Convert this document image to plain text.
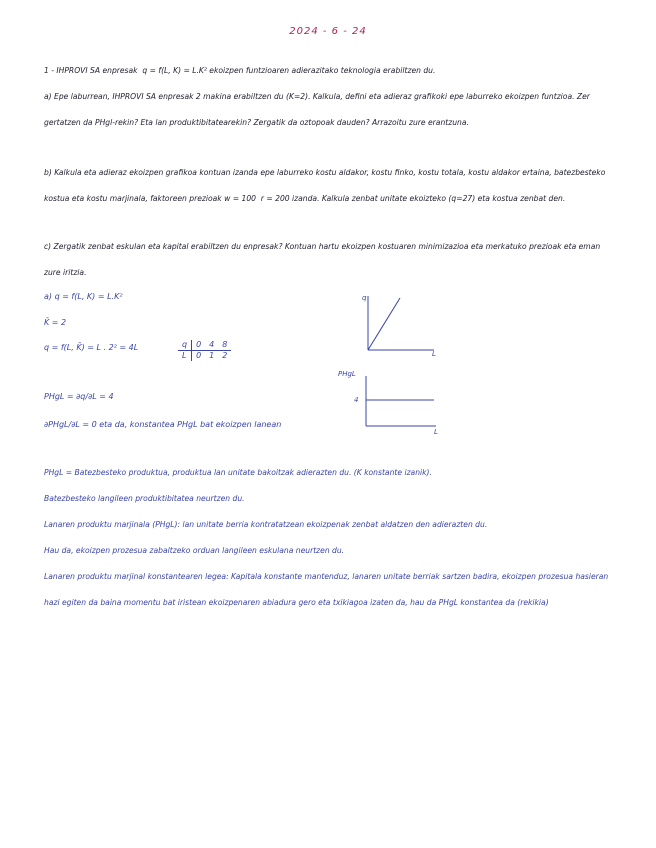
2024 - 6 - 24
1 - IHPROVI SA enpresak  q = f(L, K) = L.K² ekoizpen funtzioaren adierazitako teknologia erabiltzen du.
a) Epe laburrean, IHPROVI SA enpresak 2 makina erabiltzen du (K=2). Kalkula, defini eta adieraz grafikoki epe laburreko ekoizpen funtzioa. Zer gertatzen da PHgl-rekin? Eta lan produktibitatearekin? Zergatik da oztopoak dauden? Arrazoitu zure erantzuna.
b) Kalkula eta adieraz ekoizpen grafikoa kontuan izanda epe laburreko kostu aldakor, kostu finko, kostu totala, kostu aldakor ertaina, batezbesteko kostua eta kostu marjinala, faktoreen prezioak w = 100  r = 200 izanda. Kalkula zenbat unitate ekoizteko (q=27) eta kostua zenbat den.
c) Zergatik zenbat eskulan eta kapital erabiltzen du enpresak? Kontuan hartu ekoizpen kostuaren minimizazioa eta merkatuko prezioak eta eman zure iritzia.
a) q = f(L, K) = L.K²
K̄ = 2
q = f(L, K̄) = L . 2² = 4L	q	0	4	8
L	0	1	2
PHgL = ∂q/∂L = 4
∂PHgL/∂L = 0 eta da, konstantea PHgL bat ekoizpen lanean
q
L
PHgL
4
L
PHgL = Batezbesteko produktua, produktua lan unitate bakoitzak adierazten du. (K konstante izanik).
Batezbesteko langileen produktibitatea neurtzen du.
Lanaren produktu marjinala (PHgL): lan unitate berria kontratatzean ekoizpenak zenbat aldatzen den adierazten du.
Hau da, ekoizpen prozesua zabaltzeko orduan langileen eskulana neurtzen du.
Lanaren produktu marjinal konstantearen legea: Kapitala konstante mantenduz, lanaren unitate berriak sartzen badira, ekoizpen prozesua hasieran hazi egiten da baina momentu bat iristean ekoizpenaren abiadura gero eta txikiagoa izaten da, hau da PHgL konstantea da (rekikia)
